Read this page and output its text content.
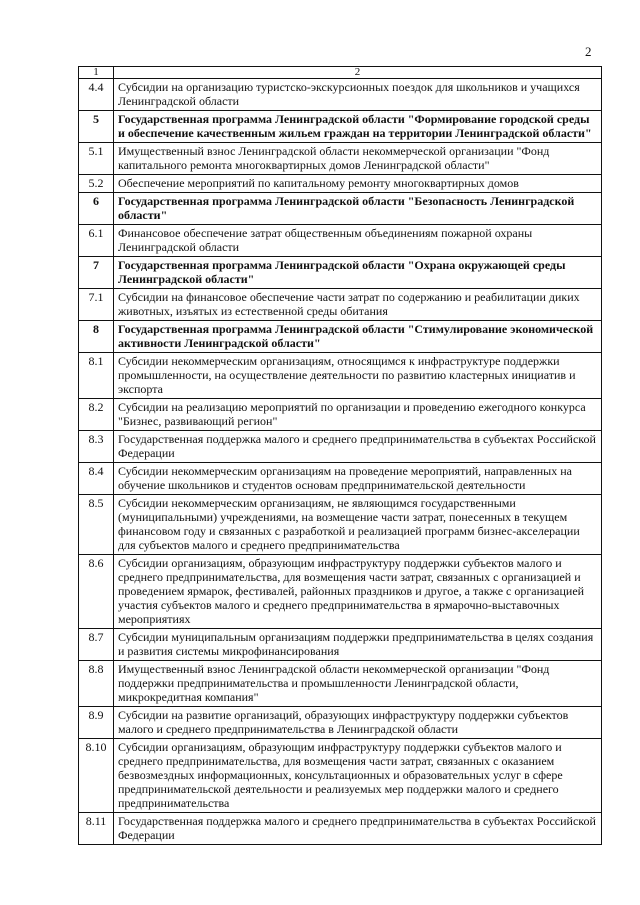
2
1	2
4.4	Субсидии на организацию туристско-экскурсионных поездок для школьников и учащихся Ленинградской области
5	Государственная программа Ленинградской области "Формирование городской среды и обеспечение качественным жильем граждан на территории Ленинградской области"
5.1	Имущественный взнос Ленинградской области некоммерческой организации "Фонд капитального ремонта многоквартирных домов Ленинградской области"
5.2	Обеспечение мероприятий по капитальному ремонту многоквартирных домов
6	Государственная программа Ленинградской области "Безопасность Ленинградской области"
6.1	Финансовое обеспечение затрат общественным объединениям пожарной охраны Ленинградской области
7	Государственная программа Ленинградской области "Охрана окружающей среды Ленинградской области"
7.1	Субсидии на финансовое обеспечение части затрат по содержанию и реабилитации диких животных, изъятых из естественной среды обитания
8	Государственная программа Ленинградской области "Стимулирование экономической активности Ленинградской области"
8.1	Субсидии некоммерческим организациям, относящимся к инфраструктуре поддержки промышленности, на осуществление деятельности по развитию кластерных инициатив и экспорта
8.2	Субсидии на реализацию мероприятий по организации и проведению ежегодного конкурса "Бизнес, развивающий регион"
8.3	Государственная поддержка малого и среднего предпринимательства в субъектах Российской Федерации
8.4	Субсидии некоммерческим организациям на проведение мероприятий, направленных на обучение школьников и студентов основам предпринимательской деятельности
8.5	Субсидии некоммерческим организациям, не являющимся государственными (муниципальными) учреждениями, на возмещение части затрат, понесенных в текущем финансовом году и связанных с разработкой и реализацией программ бизнес-акселерации для субъектов малого и среднего предпринимательства
8.6	Субсидии организациям, образующим инфраструктуру поддержки субъектов малого и среднего предпринимательства, для возмещения части затрат, связанных с организацией и проведением ярмарок, фестивалей, районных праздников и другое, а также с организацией участия субъектов малого и среднего предпринимательства в ярмарочно-выставочных мероприятиях
8.7	Субсидии муниципальным организациям поддержки предпринимательства в целях создания и развития системы микрофинансирования
8.8	Имущественный взнос Ленинградской области некоммерческой организации "Фонд поддержки предпринимательства и промышленности Ленинградской области, микрокредитная компания"
8.9	Субсидии на развитие организаций, образующих инфраструктуру поддержки субъектов малого и среднего предпринимательства в Ленинградской области
8.10	Субсидии организациям, образующим инфраструктуру поддержки субъектов малого и среднего предпринимательства, для возмещения части затрат, связанных с оказанием безвозмездных информационных, консультационных и образовательных услуг в сфере предпринимательской деятельности и реализуемых мер поддержки малого и среднего предпринимательства
8.11	Государственная поддержка малого и среднего предпринимательства в субъектах Российской Федерации
